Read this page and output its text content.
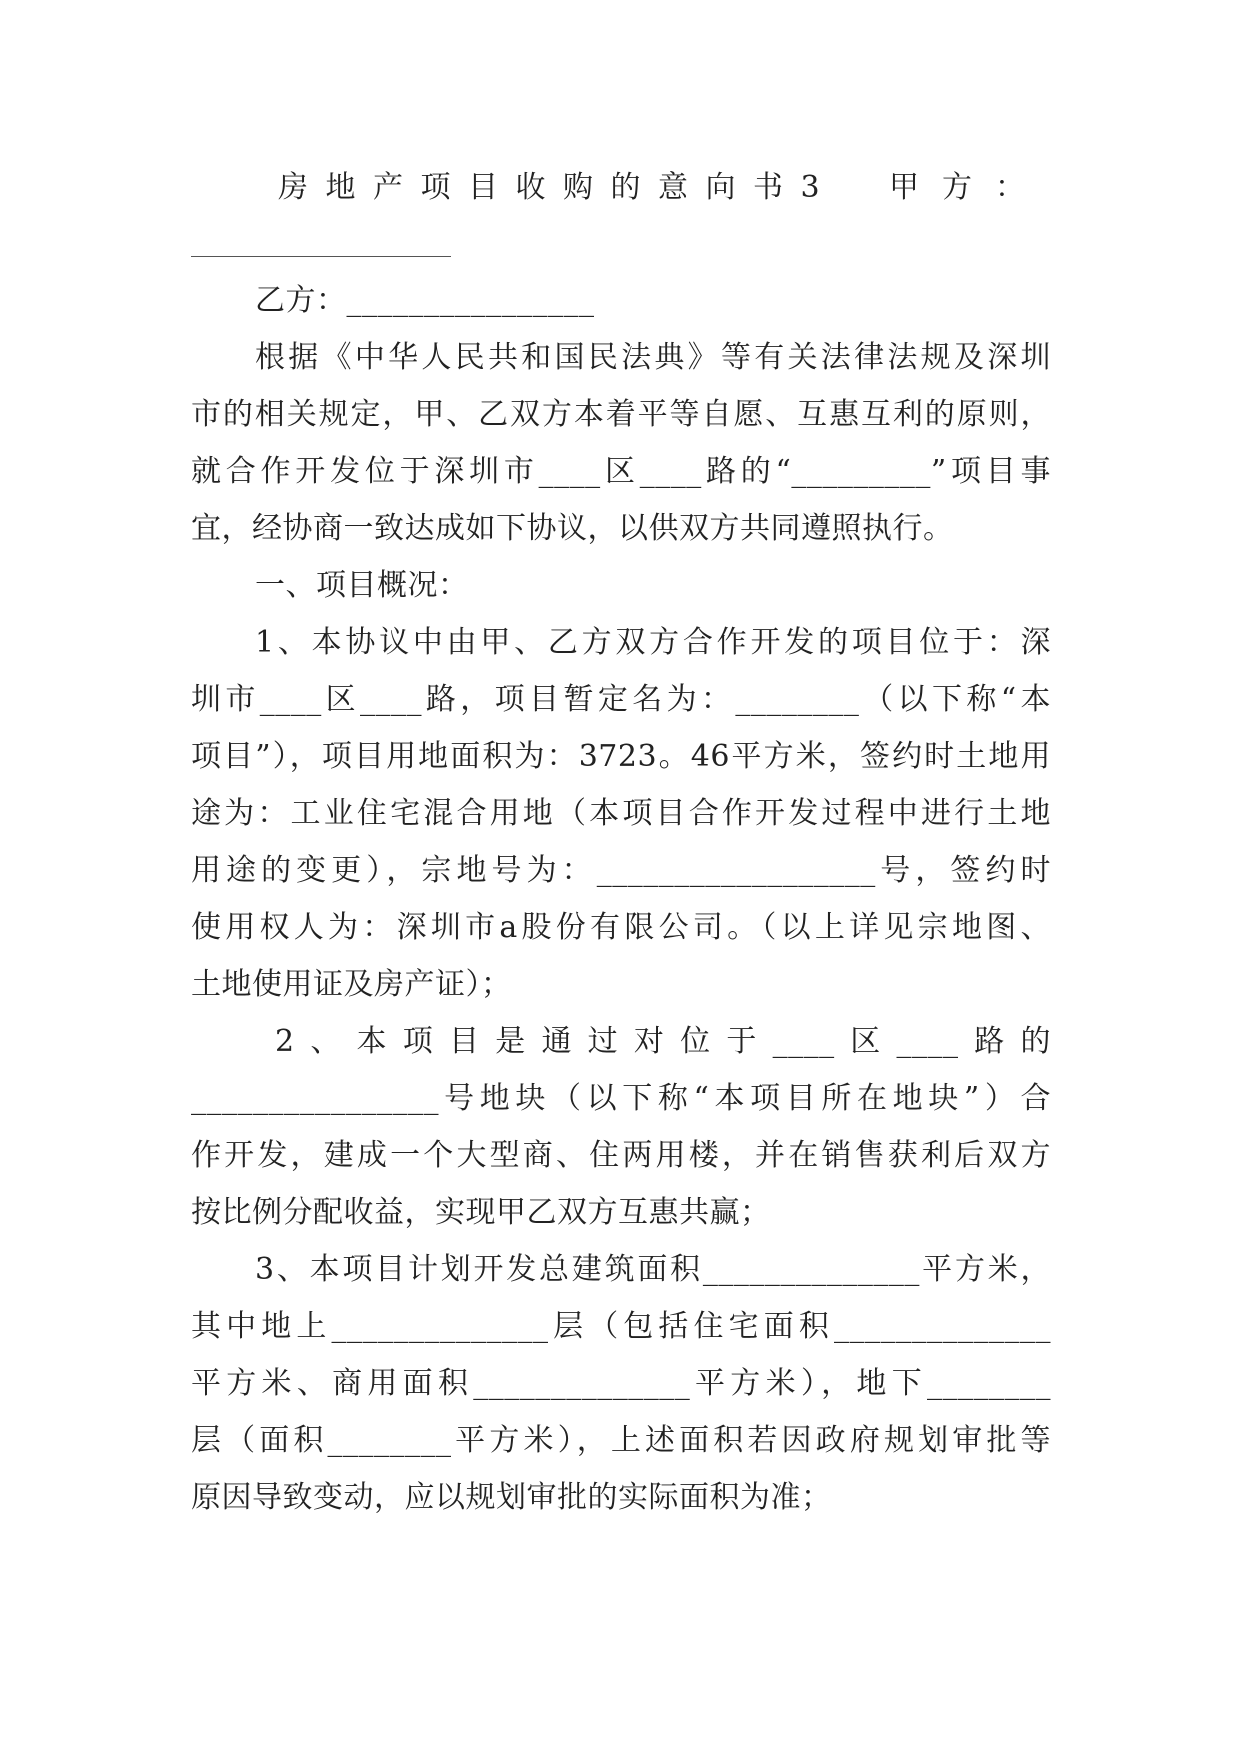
房地产项目收购的意向书3 甲方：
乙方：________________
根据《中华人民共和国民法典》等有关法律法规及深圳
市的相关规定，甲、乙双方本着平等自愿、互惠互利的原则，
就合作开发位于深圳市____区____路的“_________”项目事
宜，经协商一致达成如下协议，以供双方共同遵照执行。
一、项目概况：
1、本协议中由甲、乙方双方合作开发的项目位于：深
圳市____区____路，项目暂定名为：________（以下称“本
项目”），项目用地面积为：3723。46平方米，签约时土地用
途为：工业住宅混合用地（本项目合作开发过程中进行土地
用途的变更），宗地号为：__________________号，签约时
使用权人为：深圳市a股份有限公司。（以上详见宗地图、
土地使用证及房产证）；
2、本项目是通过对位于____区____路的
________________号地块（以下称“本项目所在地块”）合
作开发，建成一个大型商、住两用楼，并在销售获利后双方
按比例分配收益，实现甲乙双方互惠共赢；
3、本项目计划开发总建筑面积______________平方米，
其中地上______________层（包括住宅面积______________
平方米、商用面积______________平方米），地下________
层（面积________平方米），上述面积若因政府规划审批等
原因导致变动，应以规划审批的实际面积为准；
